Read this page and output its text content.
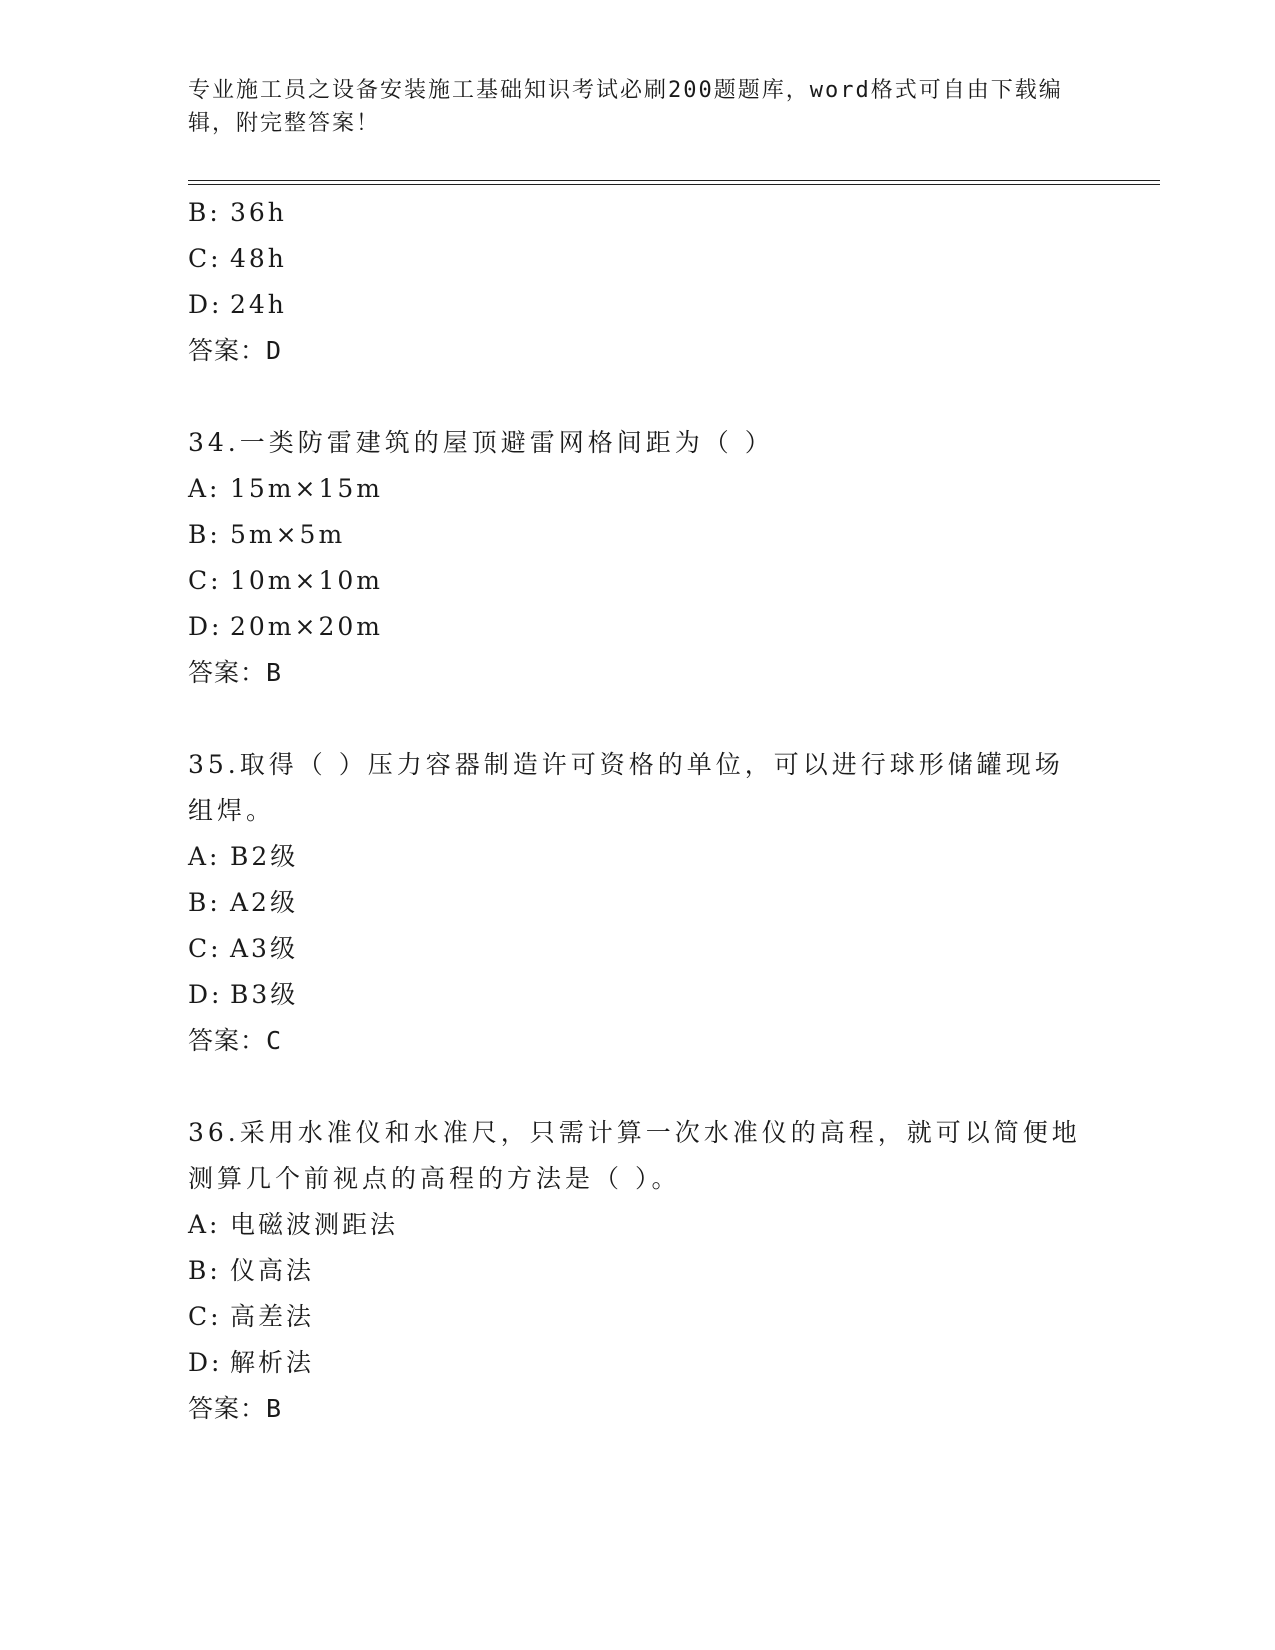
专业施工员之设备安装施工基础知识考试必刷200题题库，word格式可自由下载编辑，附完整答案！
B: 36h
C: 48h
D: 24h
答案：D
34.一类防雷建筑的屋顶避雷网格间距为（ ）
A: 15m×15m
B: 5m×5m
C: 10m×10m
D: 20m×20m
答案：B
35.取得（ ）压力容器制造许可资格的单位，可以进行球形储罐现场组焊。
A: B2级
B: A2级
C: A3级
D: B3级
答案：C
36.采用水准仪和水准尺，只需计算一次水准仪的高程，就可以简便地测算几个前视点的高程的方法是（ ）。
A: 电磁波测距法
B: 仪高法
C: 高差法
D: 解析法
答案：B
